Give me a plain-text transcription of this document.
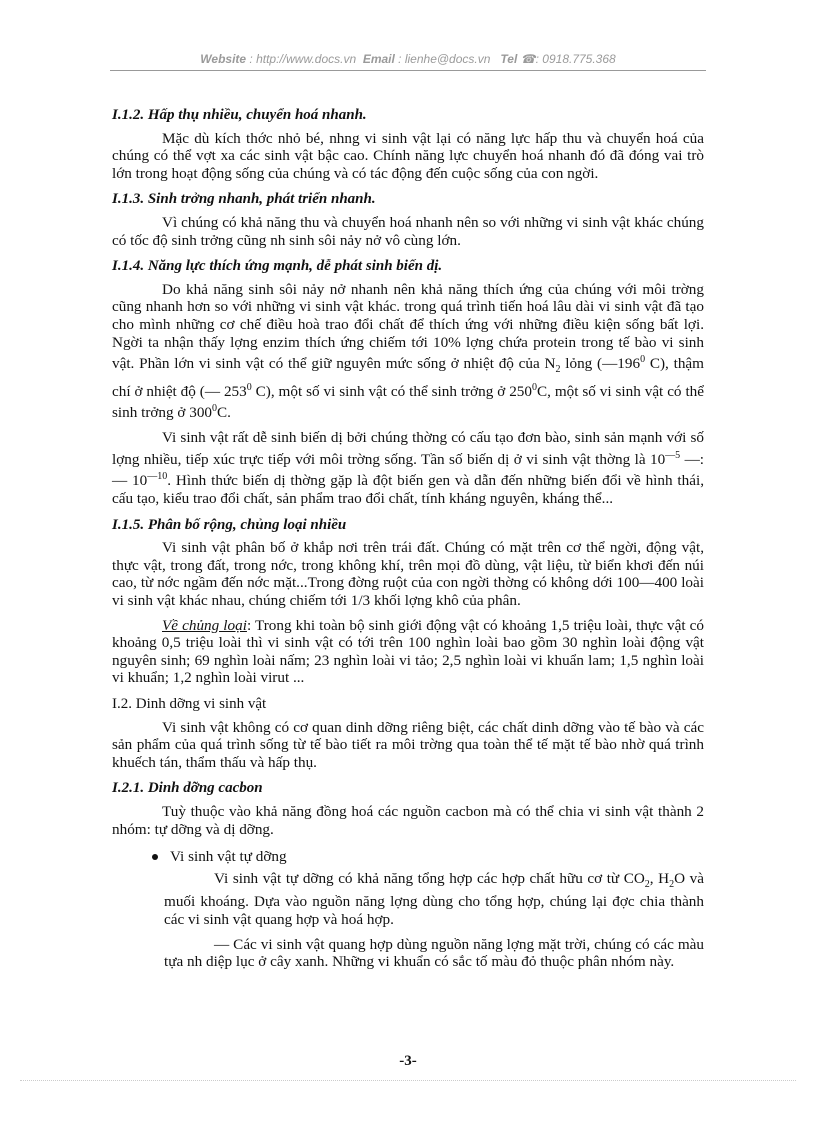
Website : http://www.docs.vn Email : lienhe@docs.vn Tel ☎: 0918.775.368
I.1.2. Hấp thụ nhiều, chuyển hoá nhanh.

Mặc dù kích thớc nhỏ bé, nhng vi sinh vật lại có năng lực hấp thu và chuyển hoá của chúng có thể vợt xa các sinh vật bậc cao. Chính năng lực chuyển hoá nhanh đó đã đóng vai trò lớn trong hoạt động sống của chúng và có tác động đến cuộc sống của con ngời.

I.1.3. Sinh trởng nhanh, phát triển nhanh.

Vì chúng có khả năng thu và chuyển hoá nhanh nên so với những vi sinh vật khác chúng có tốc độ sinh trởng cũng nh sinh sôi nảy nở vô cùng lớn.

I.1.4. Năng lực thích ứng mạnh, dễ phát sinh biến dị.

Do khả năng sinh sôi nảy nở nhanh nên khả năng thích ứng của chúng với môi trờng cũng nhanh hơn so với những vi sinh vật khác. trong quá trình tiến hoá lâu dài vi sinh vật đã tạo cho mình những cơ chế điều hoà trao đổi chất để thích ứng với những điều kiện sống bất lợi. Ngời ta nhận thấy lợng enzim thích ứng chiếm tới 10% lợng chứa protein trong tế bào vi sinh vật. Phần lớn vi sinh vật có thể giữ nguyên mức sống ở nhiệt độ của $N_2$ lỏng ($—196^0$ C), thậm chí ở nhiệt độ (— $253^0$ C), một số vi sinh vật có thể sinh trởng ở $250^0C$, một số vi sinh vật có thể sinh trởng ở $300^0C$.

Vi sinh vật rất dễ sinh biến dị bởi chúng thờng có cấu tạo đơn bào, sinh sản mạnh với số lợng nhiều, tiếp xúc trực tiếp với môi trờng sống. Tần số biến dị ở vi sinh vật thờng là $10^{—5}$ —:— $10^{—10}$. Hình thức biến dị thờng gặp là đột biến gen và dẫn đến những biến đổi về hình thái, cấu tạo, kiểu trao đổi chất, sản phẩm trao đổi chất, tính kháng nguyên, kháng thể...

I.1.5. Phân bố rộng, chủng loại nhiều

Vi sinh vật phân bố ở khắp nơi trên trái đất. Chúng có mặt trên cơ thể ngời, động vật, thực vật, trong đất, trong nớc, trong không khí, trên mọi đồ dùng, vật liệu, từ biển khơi đến núi cao, từ nớc ngầm đến nớc mặt...Trong đờng ruột của con ngời thờng có không dới 100—400 loài vi sinh vật khác nhau, chúng chiếm tới 1/3 khối lợng khô của phân.

Về chủng loại: Trong khi toàn bộ sinh giới động vật có khoảng 1,5 triệu loài, thực vật có khoảng 0,5 triệu loài thì vi sinh vật có tới trên 100 nghìn loài bao gồm 30 nghìn loài động vật nguyên sinh; 69 nghìn loài nấm; 23 nghìn loài vi tảo; 2,5 nghìn loài vi khuẩn lam; 1,5 nghìn loài vi khuẩn; 1,2 nghìn loài virut ...

I.2. Dinh dỡng vi sinh vật

Vi sinh vật không có cơ quan dinh dỡng riêng biệt, các chất dinh dỡng vào tế bào và các sản phẩm của quá trình sống từ tế bào tiết ra môi trờng qua toàn thể tế mặt tế bào nhờ quá trình khuếch tán, thẩm thấu và hấp thụ.

I.2.1. Dinh dỡng cacbon

Tuỳ thuộc vào khả năng đồng hoá các nguồn cacbon mà có thể chia vi sinh vật thành 2 nhóm: tự dỡng và dị dỡng.

Vi sinh vật tự dỡng

Vi sinh vật tự dỡng có khả năng tổng hợp các hợp chất hữu cơ từ $CO_2$, $H_2O$ và muối khoáng. Dựa vào nguồn năng lợng dùng cho tổng hợp, chúng lại đợc chia thành các vi sinh vật quang hợp và hoá hợp.

— Các vi sinh vật quang hợp dùng nguồn năng lợng mặt trời, chúng có các màu tựa nh diệp lục ở cây xanh. Những vi khuẩn có sắc tố màu đỏ thuộc phân nhóm này.

-3-
